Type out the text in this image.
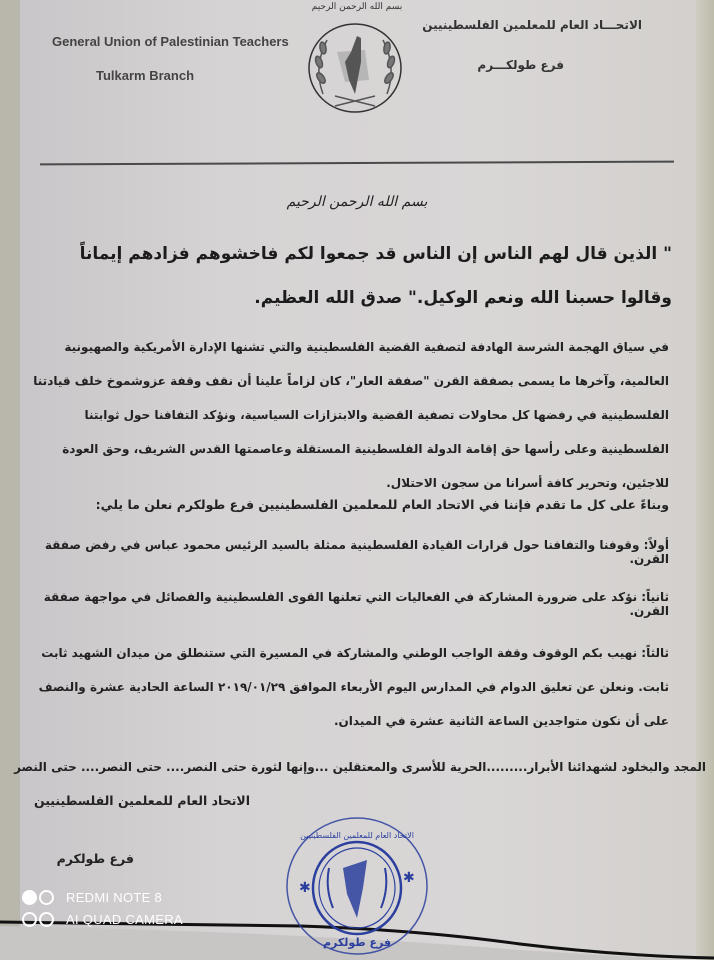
بسم الله الرحمن الرحيم
General Union of Palestinian Teachers
Tulkarm Branch
الاتحـــاد العام للمعلمين الفلسطينيين
فرع طولكـــرم
بسم الله الرحمن الرحيم
" الذين قال لهم الناس إن الناس قد جمعوا لكم فاخشوهم فزادهم إيماناً وقالوا حسبنا الله ونعم الوكيل." صدق الله العظيم.
في سياق الهجمة الشرسة الهادفة لتصفية القضية الفلسطينية والتي تشنها الإدارة الأمريكية والصهيونية العالمية، وآخرها ما يسمى بصفقة القرن "صفقة العار"، كان لزاماً علينا أن نقف وقفة عزوشموخ خلف قيادتنا الفلسطينية في رفضها كل محاولات تصفية القضية والابتزازات السياسية، ونؤكد التفافنا حول ثوابتنا الفلسطينية وعلى رأسها حق إقامة الدولة الفلسطينية المستقلة وعاصمتها القدس الشريف، وحق العودة للاجئين، وتحرير كافة أسرانا من سجون الاحتلال.
وبناءً على كل ما تقدم فإننا في الاتحاد العام للمعلمين الفلسطينيين فرع طولكرم نعلن ما يلي:
أولاً: وقوفنا والتفافنا حول قرارات القيادة الفلسطينية ممثلة بالسيد الرئيس محمود عباس في رفض صفقة القرن.
ثانياً: نؤكد على ضرورة المشاركة في الفعاليات التي تعلنها القوى الفلسطينية والفصائل في مواجهة صفقة القرن.
ثالثاً: نهيب بكم الوقوف وقفة الواجب الوطني والمشاركة في المسيرة التي ستنطلق من ميدان الشهيد ثابت ثابت. ونعلن عن تعليق الدوام في المدارس اليوم الأربعاء الموافق ٢٠١٩/٠١/٢٩ الساعة الحادية عشرة والنصف على أن نكون متواجدين الساعة الثانية عشرة في الميدان.
المجد والبخلود لشهدائنا الأبرار.........الحرية للأسرى والمعتقلين ...وإنها لثورة حتى النصر.... حتى النصر.... حتى النصر
الاتحاد العام للمعلمين الفلسطينيين
فرع طولكرم
الاتحاد العام للمعلمين الفلسطينيين
✱
✱
فرع طولكرم
REDMI NOTE 8
AI QUAD CAMERA
